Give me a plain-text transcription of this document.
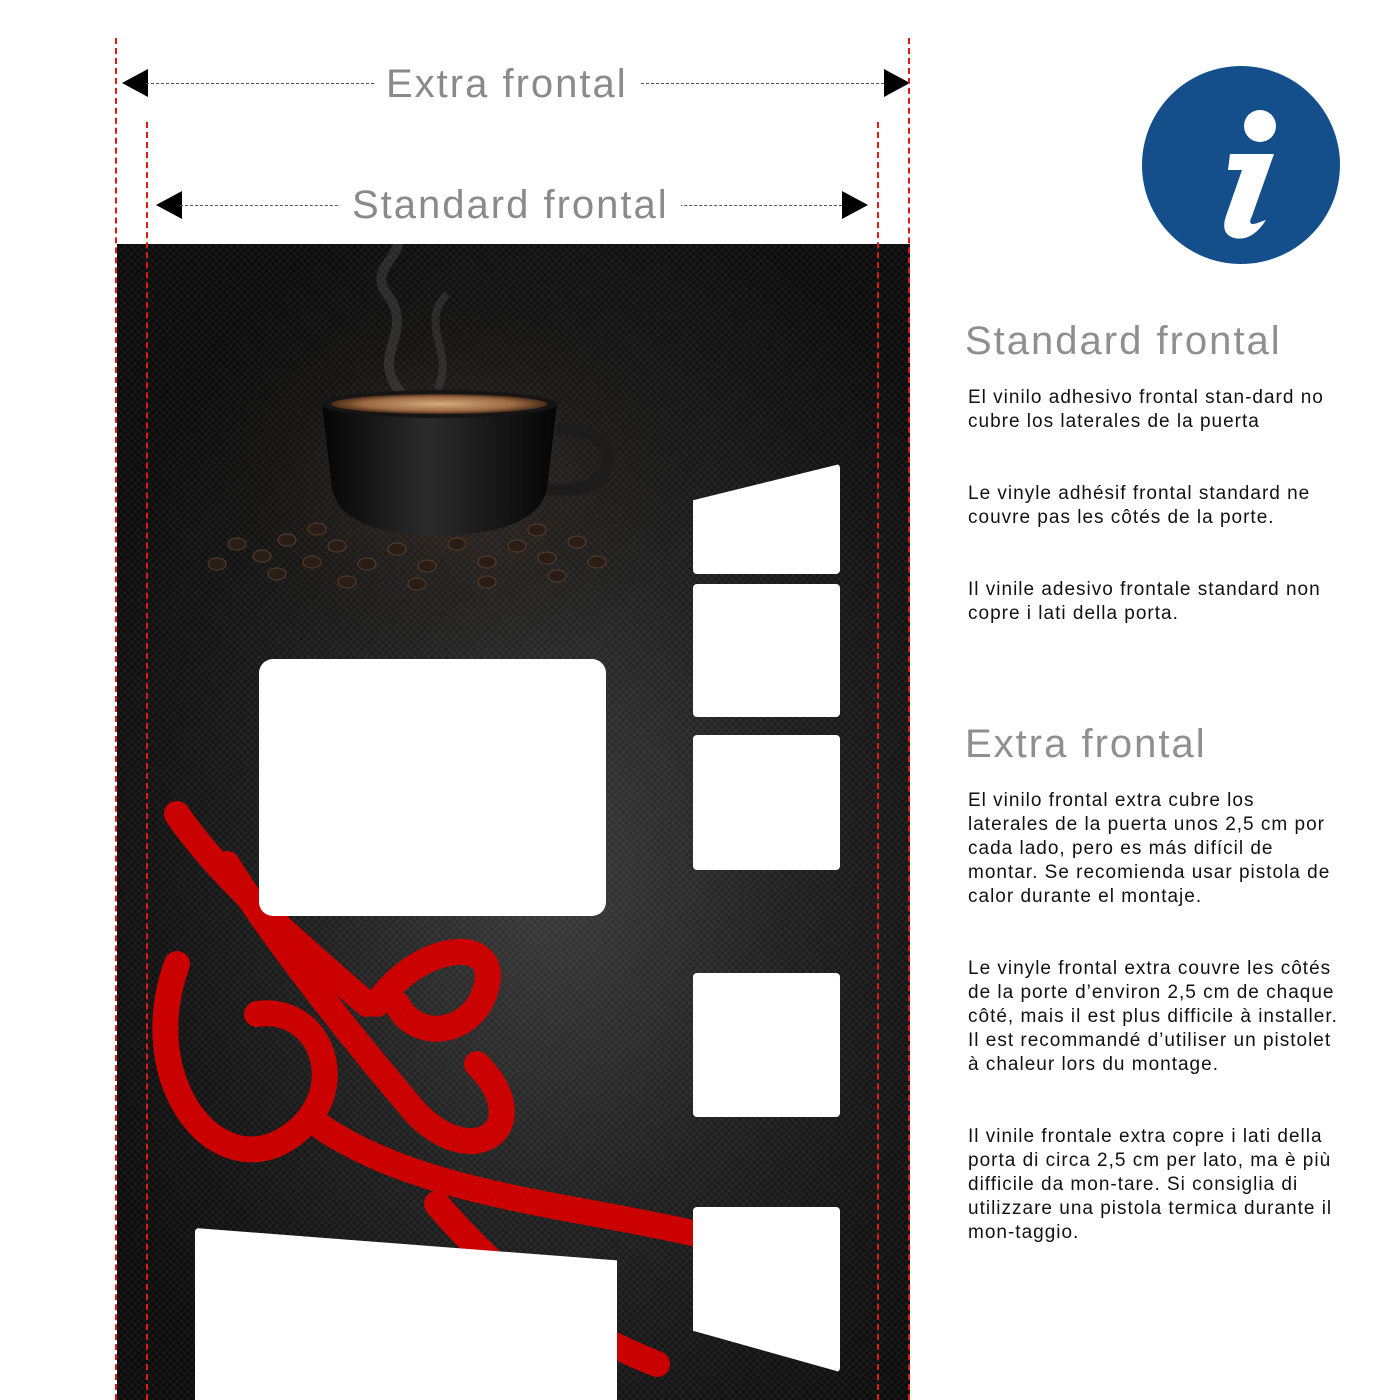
Extra frontal
Standard frontal
Standard frontal
El vinilo adhesivo frontal stan-dard no cubre los laterales de la puerta
Le vinyle adhésif frontal standard ne couvre pas les côtés de la porte.
Il vinile adesivo frontale standard non copre i lati della porta.
Extra frontal
El vinilo frontal extra cubre los laterales de la puerta unos 2,5 cm por cada lado, pero es más difícil de montar. Se recomienda usar pistola de calor durante el montaje.
Le vinyle frontal extra couvre les côtés de la porte d’environ 2,5 cm de chaque côté, mais il est plus difficile à installer. Il est recommandé d’utiliser un pistolet à chaleur lors du montage.
Il vinile frontale extra copre i lati della porta di circa 2,5 cm per lato, ma è più difficile da mon-tare. Si consiglia di utilizzare una pistola termica durante il mon-taggio.
